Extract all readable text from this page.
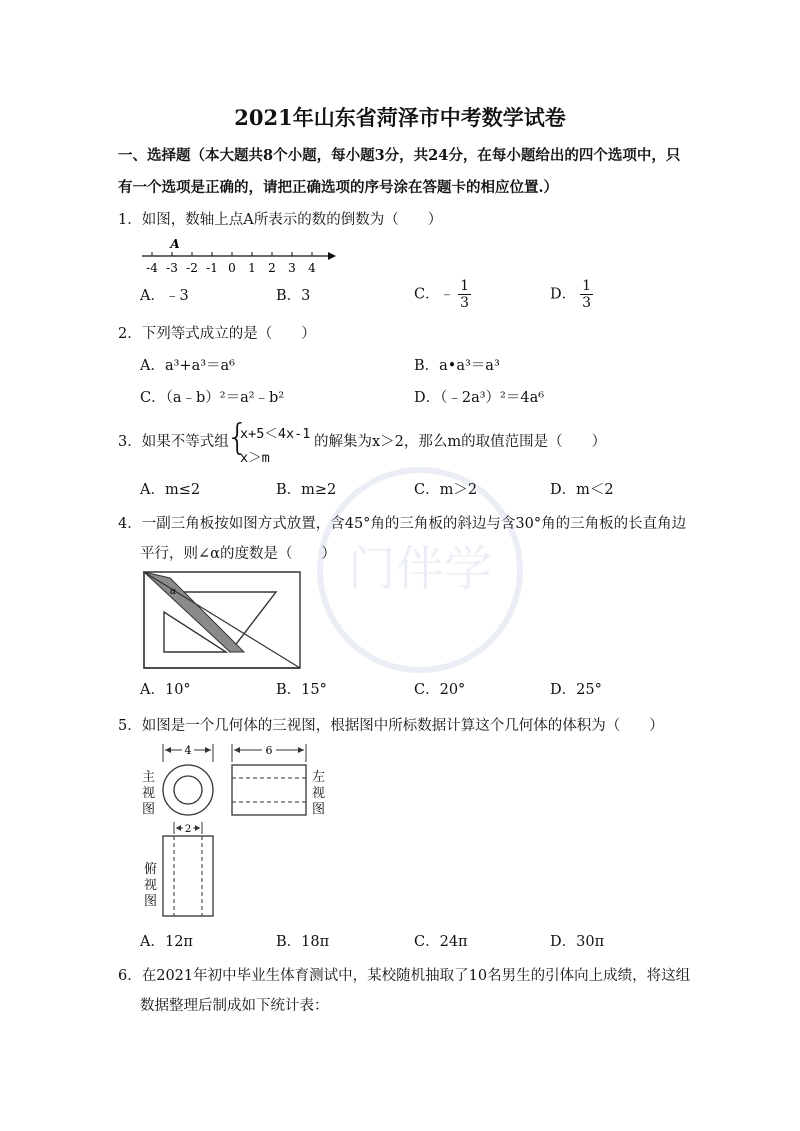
门伴学
2021年山东省菏泽市中考数学试卷
一、选择题（本大题共8个小题，每小题3分，共24分，在每小题给出的四个选项中，只
有一个选项是正确的，请把正确选项的序号涂在答题卡的相应位置.）
1．如图，数轴上点A所表示的数的倒数为（　　）
A
-4 -3 -2 -1 0 1 2 3 4
A．﹣3	B．3	C．﹣ $\frac{1}{3}$	D． $\frac{1}{3}$
2．下列等式成立的是（　　）
A．a³+a³＝a⁶	B．a•a³＝a³
C．（a﹣b）²＝a²﹣b²	D．（﹣2a³）²＝4a⁶
3．如果不等式组
{
x+5＜4x-1
x＞m
的解集为x＞2，那么m的取值范围是（　　）
A．m≤2	B．m≥2	C．m＞2	D．m＜2
4．一副三角板按如图方式放置，含45°角的三角板的斜边与含30°角的三角板的长直角边
平行，则∠α的度数是（　　）
α
A．10°	B．15°	C．20°	D．25°
5．如图是一个几何体的三视图，根据图中所标数据计算这个几何体的体积为（　　）
4	6
2
主
视
图
左
视
图
俯
视
图
A．12π	B．18π	C．24π	D．30π
6．在2021年初中毕业生体育测试中，某校随机抽取了10名男生的引体向上成绩，将这组
数据整理后制成如下统计表：
